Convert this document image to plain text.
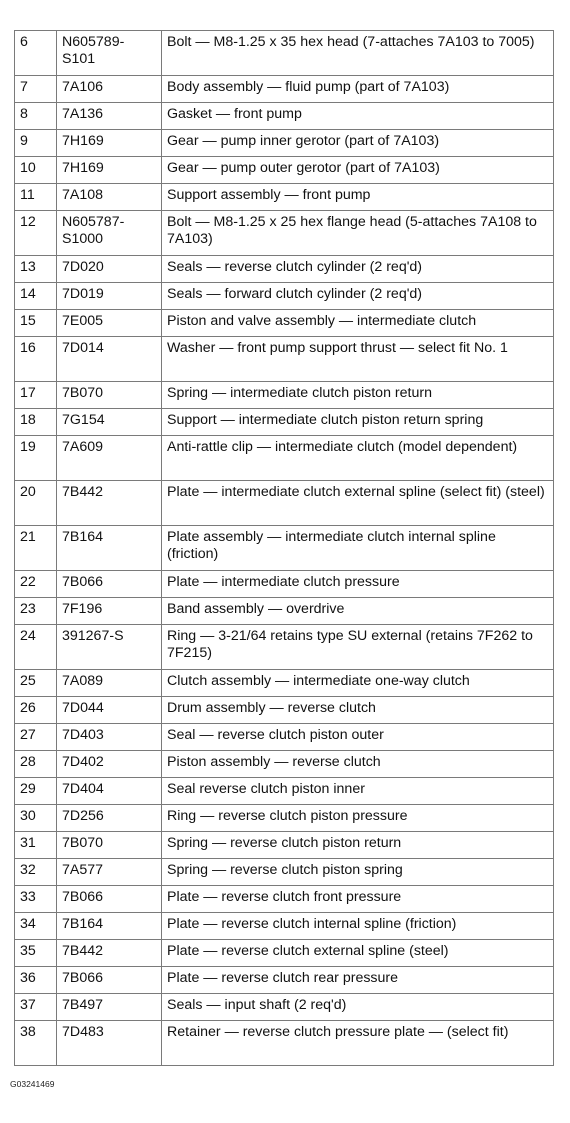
6	N605789-S101	Bolt — M8-1.25 x 35 hex head (7-attaches 7A103 to 7005)
7	7A106	Body assembly — fluid pump (part of 7A103)
8	7A136	Gasket — front pump
9	7H169	Gear — pump inner gerotor (part of 7A103)
10	7H169	Gear — pump outer gerotor (part of 7A103)
11	7A108	Support assembly — front pump
12	N605787-S1000	Bolt — M8-1.25 x 25 hex flange head (5-attaches 7A108 to 7A103)
13	7D020	Seals — reverse clutch cylinder (2 req'd)
14	7D019	Seals — forward clutch cylinder (2 req'd)
15	7E005	Piston and valve assembly — intermediate clutch
16	7D014	Washer — front pump support thrust — select fit No. 1
17	7B070	Spring — intermediate clutch piston return
18	7G154	Support — intermediate clutch piston return spring
19	7A609	Anti-rattle clip — intermediate clutch (model dependent)
20	7B442	Plate — intermediate clutch external spline (select fit) (steel)
21	7B164	Plate assembly — intermediate clutch internal spline (friction)
22	7B066	Plate — intermediate clutch pressure
23	7F196	Band assembly — overdrive
24	391267-S	Ring — 3-21/64 retains type SU external (retains 7F262 to 7F215)
25	7A089	Clutch assembly — intermediate one-way clutch
26	7D044	Drum assembly — reverse clutch
27	7D403	Seal — reverse clutch piston outer
28	7D402	Piston assembly — reverse clutch
29	7D404	Seal reverse clutch piston inner
30	7D256	Ring — reverse clutch piston pressure
31	7B070	Spring — reverse clutch piston return
32	7A577	Spring — reverse clutch piston spring
33	7B066	Plate — reverse clutch front pressure
34	7B164	Plate — reverse clutch internal spline (friction)
35	7B442	Plate — reverse clutch external spline (steel)
36	7B066	Plate — reverse clutch rear pressure
37	7B497	Seals — input shaft (2 req'd)
38	7D483	Retainer — reverse clutch pressure plate — (select fit)
G03241469
